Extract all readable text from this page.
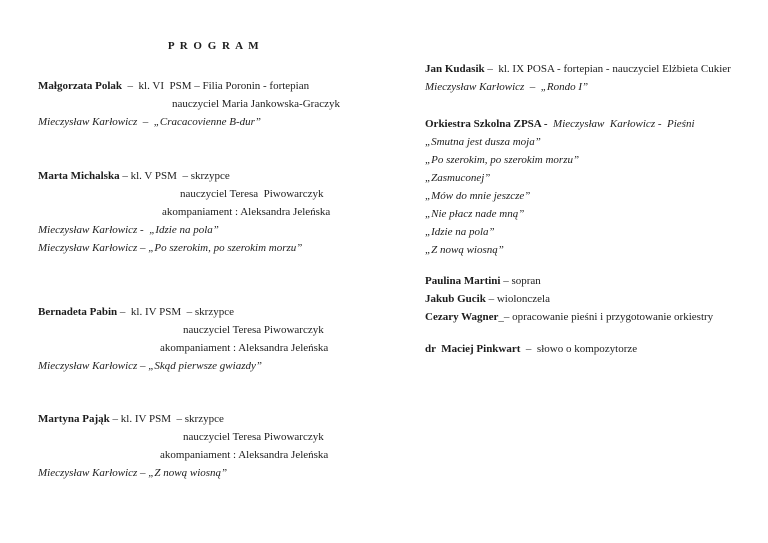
P R O G R A M

Małgorzata Polak  –  kl. VI  PSM – Filia Poronin - fortepian

nauczyciel Maria Jankowska-Graczyk

Mieczysław Karłowicz  –  „Cracacovienne B-dur”

Marta Michalska – kl. V PSM  – skrzypce

nauczyciel Teresa  Piwowarczyk

akompaniament : Aleksandra Jeleńska

Mieczysław Karłowicz -  „Idzie na pola”

Mieczysław Karłowicz – „Po szerokim, po szerokim morzu”

Bernadeta Pabin –  kl. IV PSM  – skrzypce

nauczyciel Teresa Piwowarczyk

akompaniament : Aleksandra Jeleńska

Mieczysław Karłowicz – „Skąd pierwsze gwiazdy”

Martyna Pająk – kl. IV PSM  – skrzypce

nauczyciel Teresa Piwowarczyk

akompaniament : Aleksandra Jeleńska

Mieczysław Karłowicz – „Z nową wiosną”

Jan Kudasik –  kl. IX POSA - fortepian - nauczyciel Elżbieta Cukier

Mieczysław Karłowicz  –  „Rondo I”

Orkiestra Szkolna ZPSA -  Mieczysław  Karłowicz -  Pieśni

„Smutna jest dusza moja”

„Po szerokim, po szerokim morzu”

„Zasmuconej”

„Mów do mnie jeszcze”

„Nie płacz nade mną”

„Idzie na pola”

„Z nową wiosną”

Paulina Martini – sopran

Jakub Gucik – wiolonczela

Cezary Wagner_– opracowanie pieśni i przygotowanie orkiestry

dr  Maciej Pinkwart  –  słowo o kompozytorze
